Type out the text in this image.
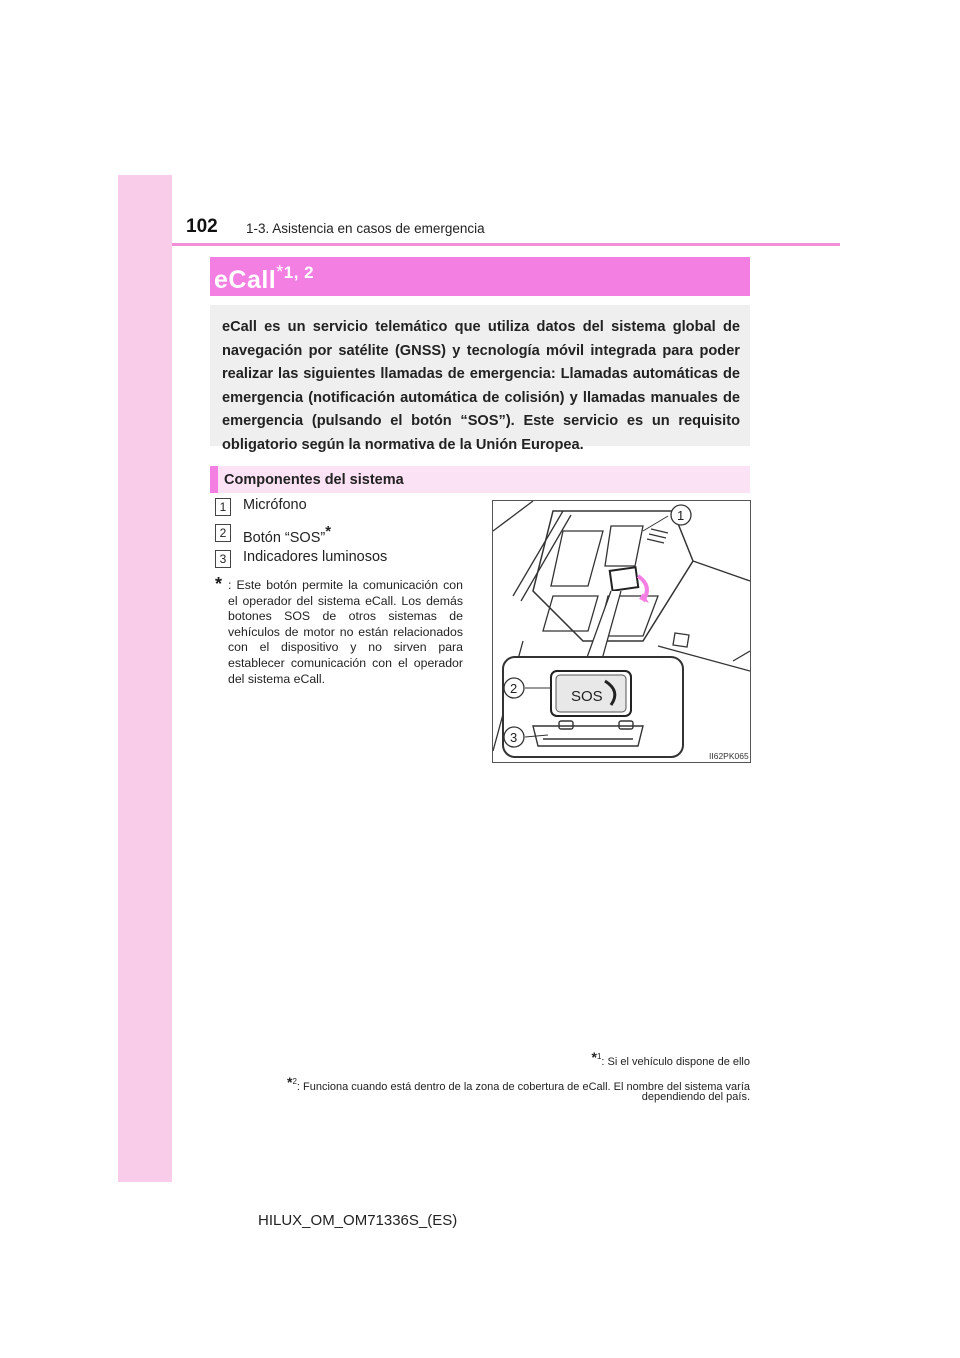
102 1-3. Asistencia en casos de emergencia
eCall$^{*1, 2}$
eCall es un servicio telemático que utiliza datos del sistema global de navegación por satélite (GNSS) y tecnología móvil integrada para poder realizar las siguientes llamadas de emergencia: Llamadas automáticas de emergencia (notificación automática de colisión) y llamadas manuales de emergencia (pulsando el botón “SOS”). Este servicio es un requisito obligatorio según la normativa de la Unión Europea.
Componentes del sistema
1	Micrófono
2	Botón “SOS”*
3	Indicadores luminosos
* : Este botón permite la comunicación con el operador del sistema eCall. Los demás botones SOS de otros sistemas de vehículos de motor no están relacionados con el dispositivo y no sirven para establecer comunicación con el operador del sistema eCall.
SOS
1
2
3
II62PK065
*$^1$: Si el vehículo dispone de ello
*$^2$: Funciona cuando está dentro de la zona de cobertura de eCall. El nombre del sistema varía
dependiendo del país.
HILUX_OM_OM71336S_(ES)
